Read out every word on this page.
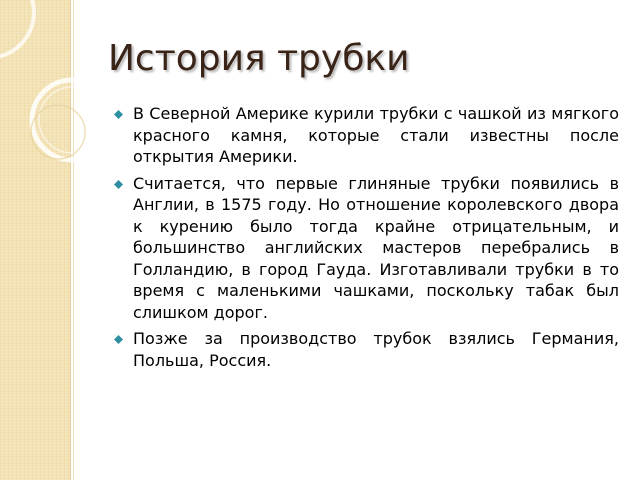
История трубки
В Северной Америке курили трубки с чашкой из мягкого красного камня, которые стали известны после открытия Америки.
Считается, что первые глиняные трубки появились в Англии, в 1575 году. Но отношение королевского двора к курению было тогда крайне отрицательным, и большинство английских мастеров перебрались в Голландию, в город Гауда. Изготавливали трубки в то время с маленькими чашками, поскольку табак был слишком дорог.
Позже за производство трубок взялись Германия, Польша, Россия.
